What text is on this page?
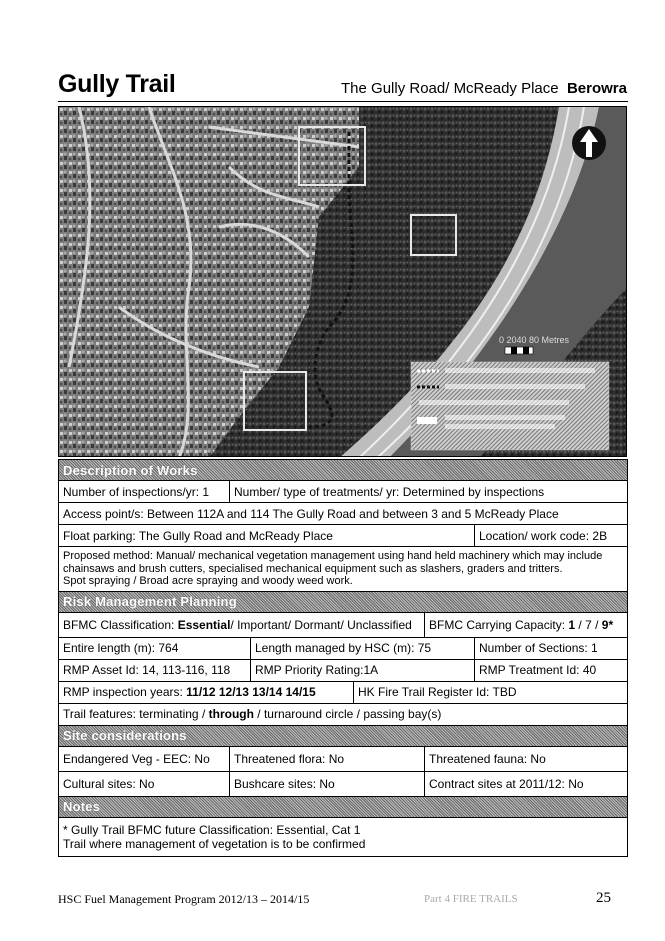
Gully Trail	The Gully Road/ McReady Place Berowra
0 2040 80 Metres
Description of Works					
Number of inspections/yr: 1	Number/ type of treatments/ yr: Determined by inspections				
Access point/s: Between 112A and 114 The Gully Road and between 3 and 5 McReady Place					
Float parking: The Gully Road and McReady Place					Location/ work code: 2B
Proposed method: Manual/ mechanical vegetation management using hand held machinery which may include chainsaws and brush cutters, specialised mechanical equipment such as slashers, graders and tritters.
Spot spraying / Broad acre spraying and woody weed work.					
Risk Management Planning					
BFMC Classification: Essential/ Important/ Dormant/ Unclassified				BFMC Carrying Capacity: 1 / 7 / 9*	
Entire length (m): 764		Length managed by HSC (m): 75			Number of Sections: 1
RMP Asset Id: 14, 113-116, 118		RMP Priority Rating:1A			RMP Treatment Id: 40
RMP inspection years: 11/12 12/13 13/14 14/15			HK Fire Trail Register Id: TBD		
Trail features: terminating / through / turnaround circle / passing bay(s)					
Site considerations					
Endangered Veg - EEC: No	Threatened flora: No			Threatened fauna: No	
Cultural sites: No	Bushcare sites: No			Contract sites at 2011/12: No	
Notes					
* Gully Trail BFMC future Classification: Essential, Cat 1
Trail where management of vegetation is to be confirmed					
HSC Fuel Management Program 2012/13 – 2014/15	Part 4 FIRE TRAILS	25
